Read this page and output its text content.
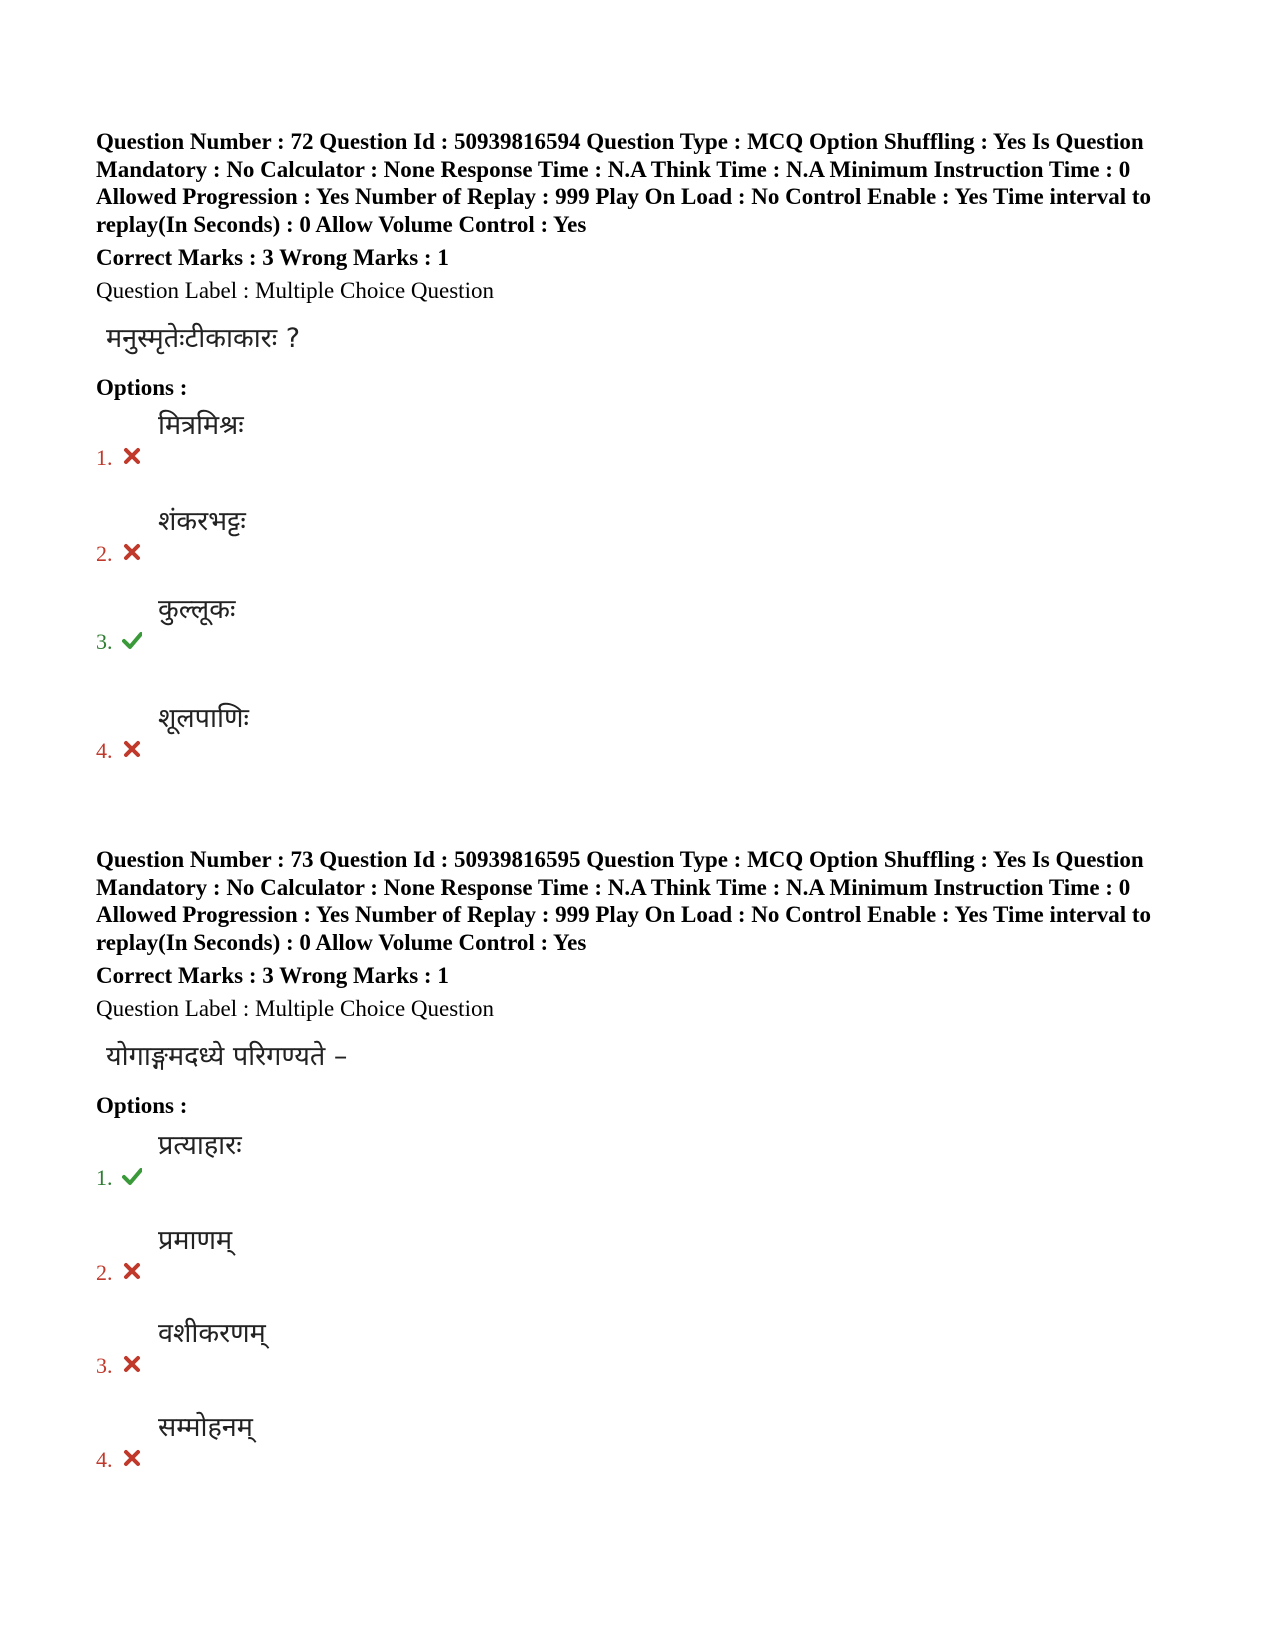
Question Number : 72 Question Id : 50939816594 Question Type : MCQ Option Shuffling : Yes Is Question Mandatory : No Calculator : None Response Time : N.A Think Time : N.A Minimum Instruction Time : 0 Allowed Progression : Yes Number of Replay : 999 Play On Load : No Control Enable : Yes Time interval to replay(In Seconds) : 0 Allow Volume Control : Yes

Correct Marks : 3 Wrong Marks : 1
Question Label : Multiple Choice Question
मनुस्मृतेःटीकाकारः ?
Options :
1.
मित्रमिश्रः
2.
शंकरभट्टः
3.
कुल्लूकः
4.
शूलपाणिः

Question Number : 73 Question Id : 50939816595 Question Type : MCQ Option Shuffling : Yes Is Question Mandatory : No Calculator : None Response Time : N.A Think Time : N.A Minimum Instruction Time : 0 Allowed Progression : Yes Number of Replay : 999 Play On Load : No Control Enable : Yes Time interval to replay(In Seconds) : 0 Allow Volume Control : Yes

Correct Marks : 3 Wrong Marks : 1
Question Label : Multiple Choice Question
योगाङ्गमदध्ये परिगण्यते –
Options :
1.
प्रत्याहारः
2.
प्रमाणम्
3.
वशीकरणम्
4.
सम्मोहनम्
